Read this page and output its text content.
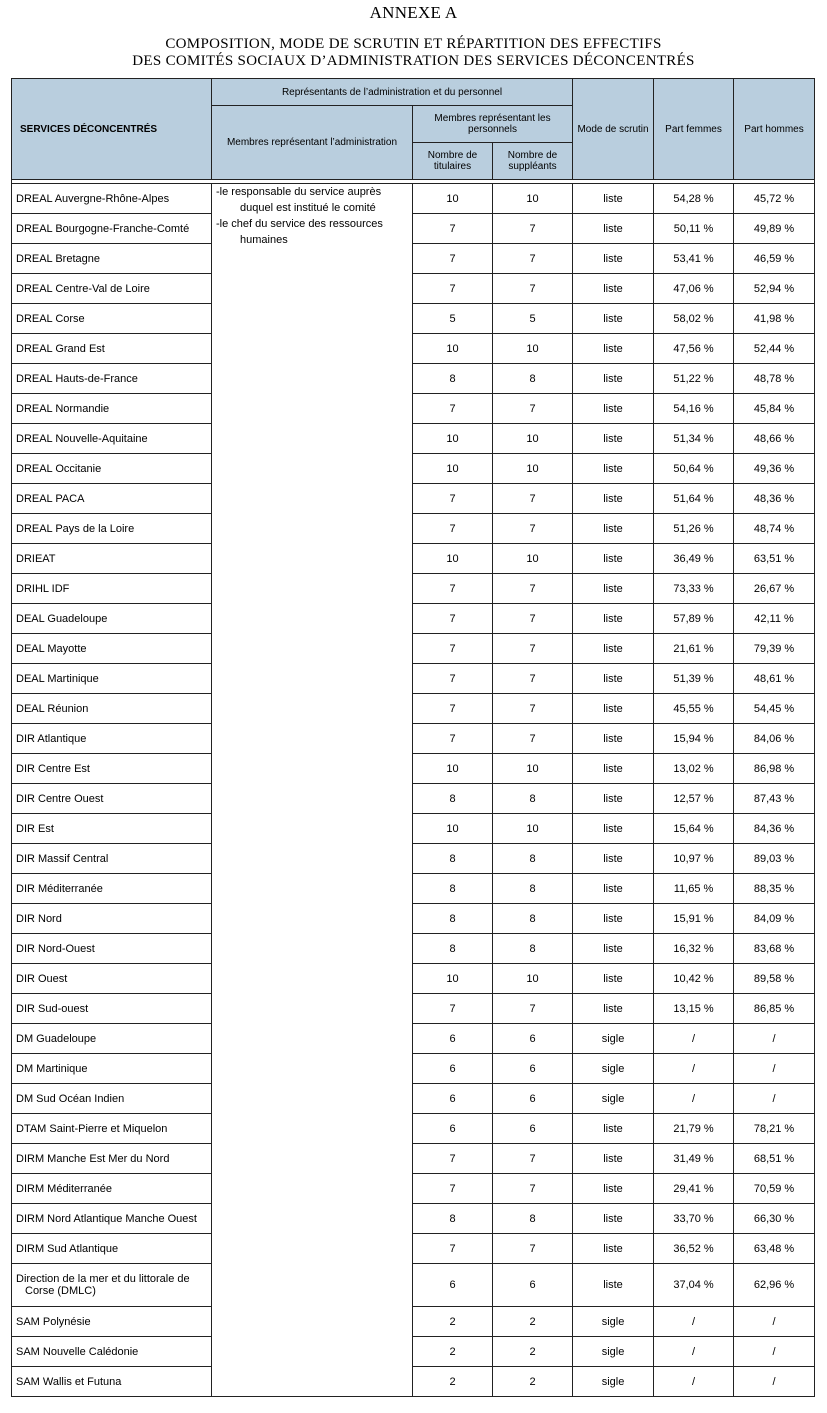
ANNEXE A
COMPOSITION, MODE DE SCRUTIN ET RÉPARTITION DES EFFECTIFS
DES COMITÉS SOCIAUX D’ADMINISTRATION DES SERVICES DÉCONCENTRÉS
SERVICES DÉCONCENTRÉS	Représentants de l’administration et du personnel			Mode de scrutin	Part femmes	Part hommes
	Membres représentant l’administration	Membres représentant les personnels				
		Nombre de titulaires	Nombre de suppléants			

DREAL Auvergne-Rhône-Alpes	-le responsable du service auprès
duquel est institué le comité
-le chef du service des ressources
humaines	10	10	liste	54,28 %	45,72 %
DREAL Bourgogne-Franche-Comté		7	7	liste	50,11 %	49,89 %
DREAL Bretagne		7	7	liste	53,41 %	46,59 %
DREAL Centre-Val de Loire		7	7	liste	47,06 %	52,94 %
DREAL Corse		5	5	liste	58,02 %	41,98 %
DREAL Grand Est		10	10	liste	47,56 %	52,44 %
DREAL Hauts-de-France		8	8	liste	51,22 %	48,78 %
DREAL Normandie		7	7	liste	54,16 %	45,84 %
DREAL Nouvelle-Aquitaine		10	10	liste	51,34 %	48,66 %
DREAL Occitanie		10	10	liste	50,64 %	49,36 %
DREAL PACA		7	7	liste	51,64 %	48,36 %
DREAL Pays de la Loire		7	7	liste	51,26 %	48,74 %
DRIEAT		10	10	liste	36,49 %	63,51 %
DRIHL IDF		7	7	liste	73,33 %	26,67 %
DEAL Guadeloupe		7	7	liste	57,89 %	42,11 %
DEAL Mayotte		7	7	liste	21,61 %	79,39 %
DEAL Martinique		7	7	liste	51,39 %	48,61 %
DEAL Réunion		7	7	liste	45,55 %	54,45 %
DIR Atlantique		7	7	liste	15,94 %	84,06 %
DIR Centre Est		10	10	liste	13,02 %	86,98 %
DIR Centre Ouest		8	8	liste	12,57 %	87,43 %
DIR Est		10	10	liste	15,64 %	84,36 %
DIR Massif Central		8	8	liste	10,97 %	89,03 %
DIR Méditerranée		8	8	liste	11,65 %	88,35 %
DIR Nord		8	8	liste	15,91 %	84,09 %
DIR Nord-Ouest		8	8	liste	16,32 %	83,68 %
DIR Ouest		10	10	liste	10,42 %	89,58 %
DIR Sud-ouest		7	7	liste	13,15 %	86,85 %
DM Guadeloupe		6	6	sigle	/	/
DM Martinique		6	6	sigle	/	/
DM Sud Océan Indien		6	6	sigle	/	/
DTAM Saint-Pierre et Miquelon		6	6	liste	21,79 %	78,21 %
DIRM Manche Est Mer du Nord		7	7	liste	31,49 %	68,51 %
DIRM Méditerranée		7	7	liste	29,41 %	70,59 %
DIRM Nord Atlantique Manche Ouest		8	8	liste	33,70 %	66,30 %
DIRM Sud Atlantique		7	7	liste	36,52 %	63,48 %
Direction de la mer et du littorale de
Corse (DMLC)		6	6	liste	37,04 %	62,96 %
SAM Polynésie		2	2	sigle	/	/
SAM Nouvelle Calédonie		2	2	sigle	/	/
SAM Wallis et Futuna		2	2	sigle	/	/
